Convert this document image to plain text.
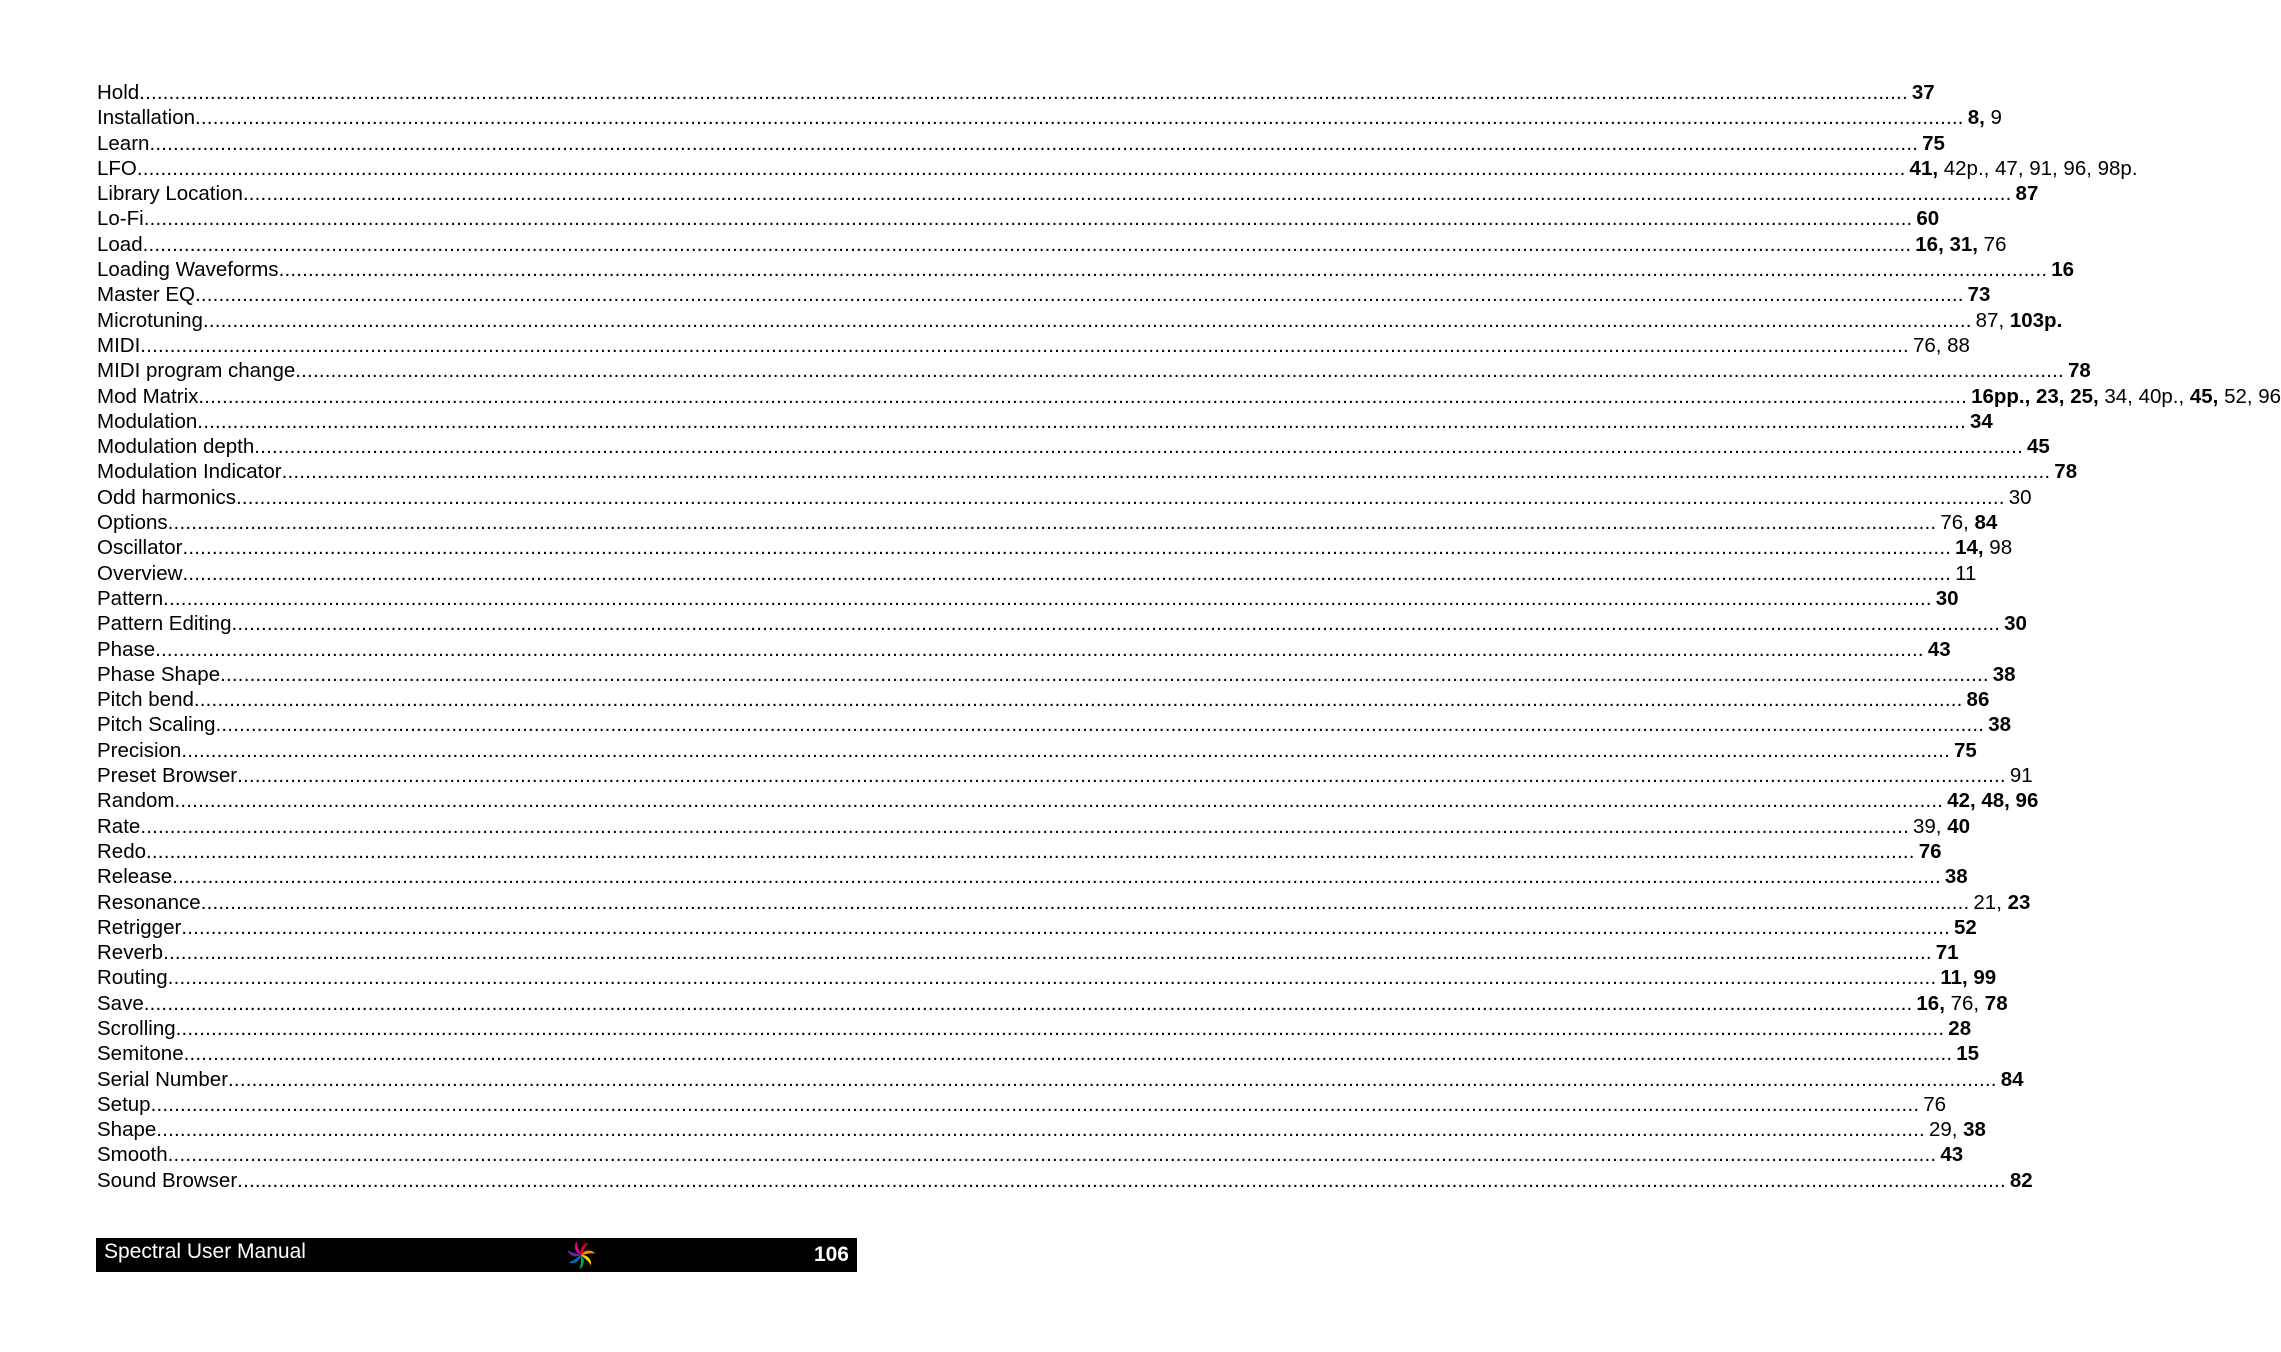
Hold ............................................................................................................................................................................................................................................................................................................ 37
Installation ............................................................................................................................................................................................................................................................................................................ 8, 9
Learn ............................................................................................................................................................................................................................................................................................................ 75
LFO ............................................................................................................................................................................................................................................................................................................ 41, 42p., 47, 91, 96, 98p.
Library Location ............................................................................................................................................................................................................................................................................................................ 87
Lo-Fi ............................................................................................................................................................................................................................................................................................................ 60
Load ............................................................................................................................................................................................................................................................................................................ 16, 31, 76
Loading Waveforms ............................................................................................................................................................................................................................................................................................................ 16
Master EQ ............................................................................................................................................................................................................................................................................................................ 73
Microtuning ............................................................................................................................................................................................................................................................................................................ 87, 103p.
MIDI ............................................................................................................................................................................................................................................................................................................ 76, 88
MIDI program change ............................................................................................................................................................................................................................................................................................................ 78
Mod Matrix ............................................................................................................................................................................................................................................................................................................ 16pp., 23, 25, 34, 40p., 45, 52, 96
Modulation ............................................................................................................................................................................................................................................................................................................ 34
Modulation depth ............................................................................................................................................................................................................................................................................................................ 45
Modulation Indicator ............................................................................................................................................................................................................................................................................................................ 78
Odd harmonics ............................................................................................................................................................................................................................................................................................................ 30
Options ............................................................................................................................................................................................................................................................................................................ 76, 84
Oscillator ............................................................................................................................................................................................................................................................................................................ 14, 98
Overview ............................................................................................................................................................................................................................................................................................................ 11
Pattern ............................................................................................................................................................................................................................................................................................................ 30
Pattern Editing ............................................................................................................................................................................................................................................................................................................ 30
Phase ............................................................................................................................................................................................................................................................................................................ 43
Phase Shape ............................................................................................................................................................................................................................................................................................................ 38
Pitch bend ............................................................................................................................................................................................................................................................................................................ 86
Pitch Scaling ............................................................................................................................................................................................................................................................................................................ 38
Precision ............................................................................................................................................................................................................................................................................................................ 75
Preset Browser ............................................................................................................................................................................................................................................................................................................ 91
Random ............................................................................................................................................................................................................................................................................................................ 42, 48, 96
Rate ............................................................................................................................................................................................................................................................................................................ 39, 40
Redo ............................................................................................................................................................................................................................................................................................................ 76
Release ............................................................................................................................................................................................................................................................................................................ 38
Resonance ............................................................................................................................................................................................................................................................................................................ 21, 23
Retrigger ............................................................................................................................................................................................................................................................................................................ 52
Reverb ............................................................................................................................................................................................................................................................................................................ 71
Routing ............................................................................................................................................................................................................................................................................................................ 11, 99
Save ............................................................................................................................................................................................................................................................................................................ 16, 76, 78
Scrolling ............................................................................................................................................................................................................................................................................................................ 28
Semitone ............................................................................................................................................................................................................................................................................................................ 15
Serial Number ............................................................................................................................................................................................................................................................................................................ 84
Setup ............................................................................................................................................................................................................................................................................................................ 76
Shape ............................................................................................................................................................................................................................................................................................................ 29, 38
Smooth ............................................................................................................................................................................................................................................................................................................ 43
Sound Browser ............................................................................................................................................................................................................................................................................................................ 82
Spectral User Manual	106
